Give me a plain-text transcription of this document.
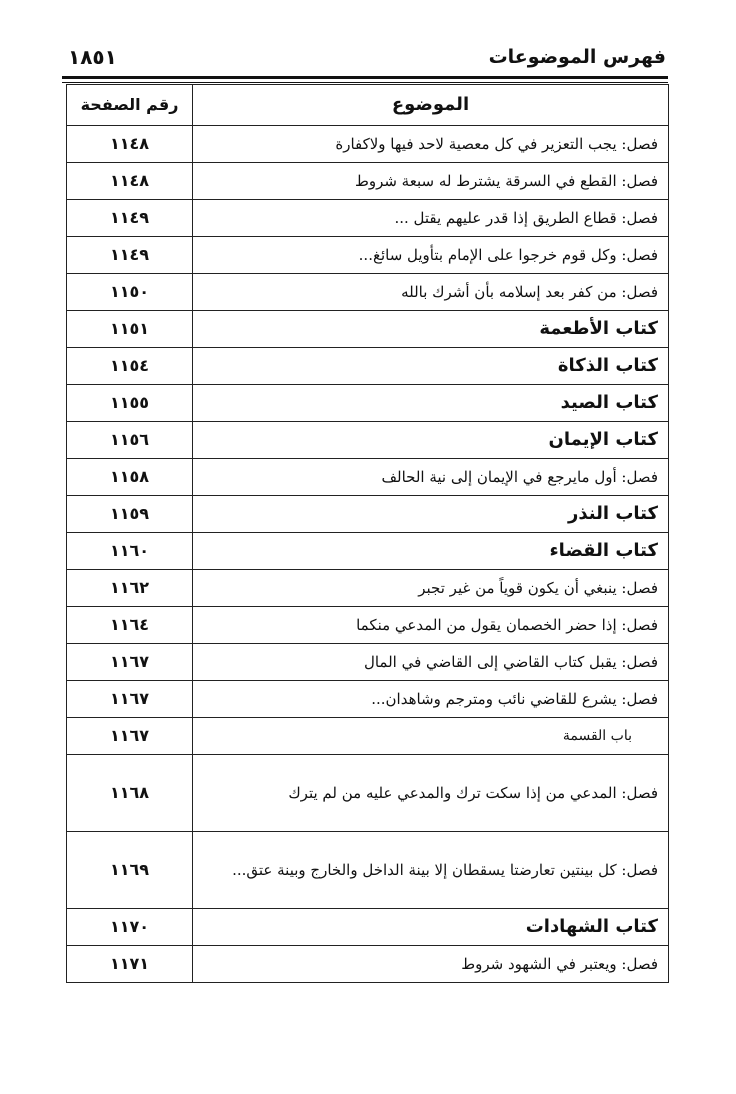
فهرس الموضوعات
١٨٥١
الموضوع	رقم الصفحة
فصل: يجب التعزير في كل معصية لاحد فيها ولاكفارة	١١٤٨
فصل: القطع في السرقة يشترط له سبعة شروط	١١٤٨
فصل: قطاع الطريق إذا قدر عليهم يقتل ...	١١٤٩
فصل: وكل قوم خرجوا على الإمام بتأويل سائغ...	١١٤٩
فصل: من كفر بعد إسلامه بأن أشرك بالله	١١٥٠
كتاب الأطعمة	١١٥١
كتاب الذكاة	١١٥٤
كتاب الصيد	١١٥٥
كتاب الإيمان	١١٥٦
فصل: أول مايرجع في الإيمان إلى نية الحالف	١١٥٨
كتاب النذر	١١٥٩
كتاب القضاء	١١٦٠
فصل: ينبغي أن يكون قوياً من غير تجبر	١١٦٢
فصل: إذا حضر الخصمان يقول من المدعي منكما	١١٦٤
فصل: يقبل كتاب القاضي إلى القاضي في المال	١١٦٧
فصل: يشرع للقاضي نائب ومترجم وشاهدان...	١١٦٧
باب القسمة	١١٦٧
فصل: المدعي من إذا سكت ترك والمدعي عليه من لم يترك	١١٦٨
فصل: كل بينتين تعارضتا يسقطان إلا بينة الداخل والخارج وبينة عتق...	١١٦٩
كتاب الشهادات	١١٧٠
فصل: ويعتبر في الشهود شروط	١١٧١
